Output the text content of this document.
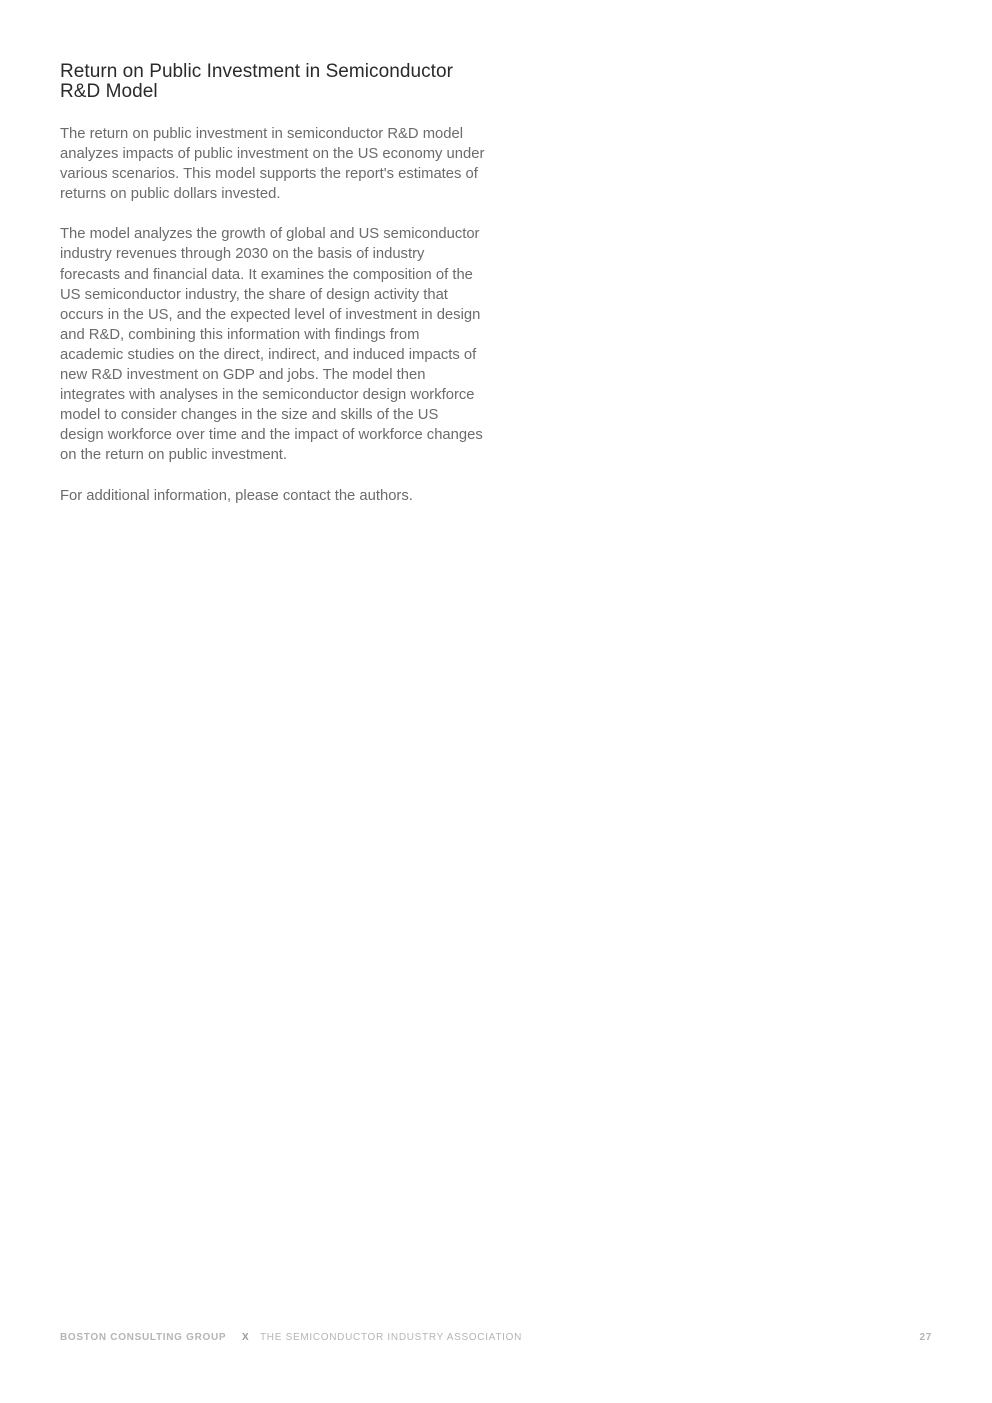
Return on Public Investment in Semiconductor R&D Model

The return on public investment in semiconductor R&D model analyzes impacts of public investment on the US economy under various scenarios. This model supports the report's estimates of returns on public dollars invested.

The model analyzes the growth of global and US semiconductor industry revenues through 2030 on the basis of industry forecasts and financial data. It examines the composition of the US semiconductor industry, the share of design activity that occurs in the US, and the expected level of investment in design and R&D, combining this information with findings from academic studies on the direct, indirect, and induced impacts of new R&D investment on GDP and jobs. The model then integrates with analyses in the semiconductor design workforce model to consider changes in the size and skills of the US design workforce over time and the impact of workforce changes on the return on public investment.

For additional information, please contact the authors.

BOSTON CONSULTING GROUP X THE SEMICONDUCTOR INDUSTRY ASSOCIATION	27
